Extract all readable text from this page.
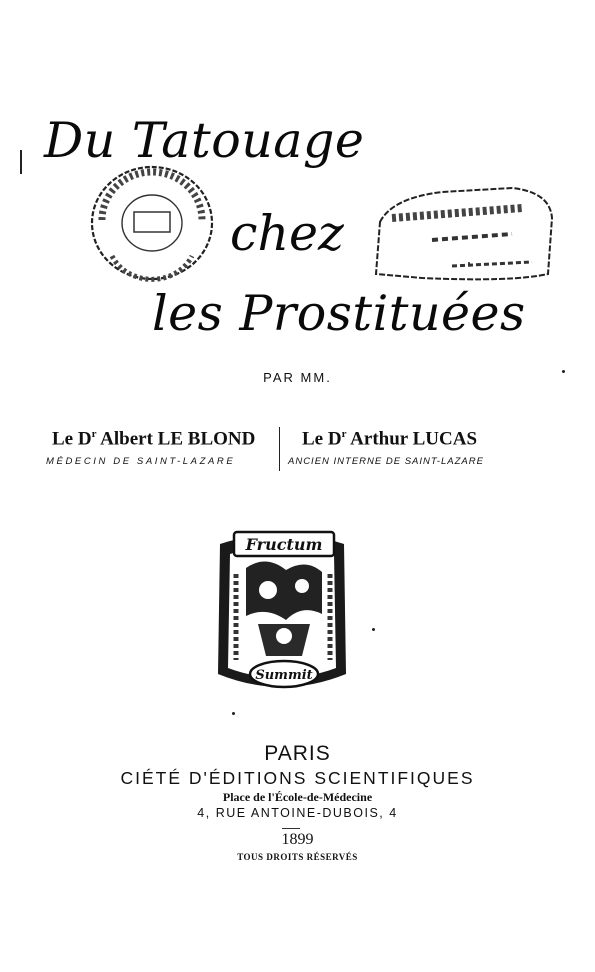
Du Tatouage
chez
les Prostituées
PAR MM.
Le $D^r$ Albert LE BLOND Le $D^r$ Arthur LUCAS
MÉDECIN DE SAINT-LAZARE	ANCIEN INTERNE DE SAINT-LAZARE
Fructum
Summit
PARIS
CIÉTÉ D'ÉDITIONS SCIENTIFIQUES
Place de l'École-de-Médecine
4, RUE ANTOINE-DUBOIS, 4
1899
TOUS DROITS RÉSERVÉS
